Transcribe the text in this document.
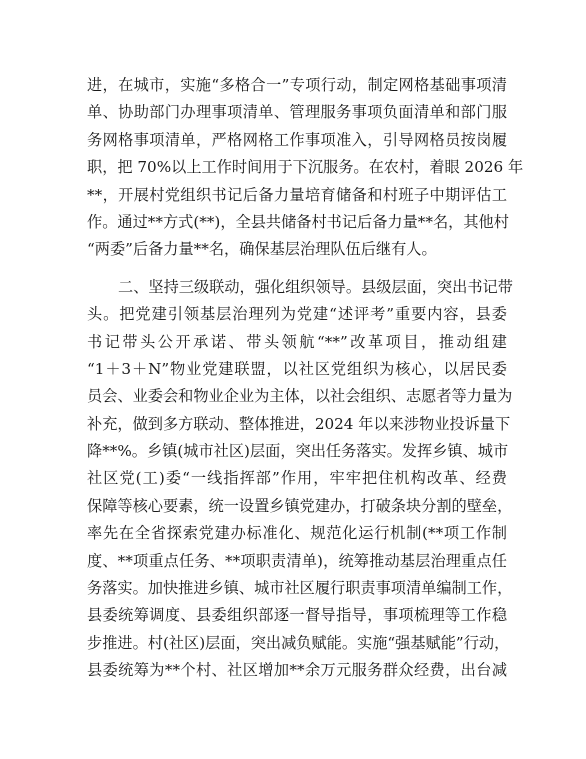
进，在城市，实施“多格合一”专项行动，制定网格基础事项清
单、协助部门办理事项清单、管理服务事项负面清单和部门服
务网格事项清单，严格网格工作事项准入，引导网格员按岗履
职，把 70%以上工作时间用于下沉服务。在农村，着眼 2026 年
**，开展村党组织书记后备力量培育储备和村班子中期评估工
作。通过**方式(**)，全县共储备村书记后备力量**名，其他村
“两委”后备力量**名，确保基层治理队伍后继有人。
二、坚持三级联动，强化组织领导。县级层面，突出书记带
头。把党建引领基层治理列为党建“述评考”重要内容，县委
书记带头公开承诺、带头领航“**”改革项目，推动组建
“1＋3＋N”物业党建联盟，以社区党组织为核心，以居民委
员会、业委会和物业企业为主体，以社会组织、志愿者等力量为
补充，做到多方联动、整体推进，2024 年以来涉物业投诉量下
降**%。乡镇(城市社区)层面，突出任务落实。发挥乡镇、城市
社区党(工)委“一线指挥部”作用，牢牢把住机构改革、经费
保障等核心要素，统一设置乡镇党建办，打破条块分割的壁垒，
率先在全省探索党建办标准化、规范化运行机制(**项工作制
度、**项重点任务、**项职责清单)，统筹推动基层治理重点任
务落实。加快推进乡镇、城市社区履行职责事项清单编制工作，
县委统筹调度、县委组织部逐一督导指导，事项梳理等工作稳
步推进。村(社区)层面，突出减负赋能。实施“强基赋能”行动，
县委统筹为**个村、社区增加**余万元服务群众经费，出台减
